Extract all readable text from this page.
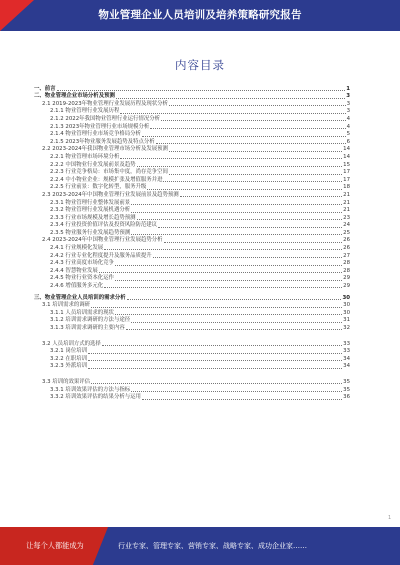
物业管理企业人员培训及培养策略研究报告
内容目录
一、前言	1
二、物业管理企业市场分析及预测	3
2.1 2019-2023年物业管理行业发展历程及现状分析	3
2.1.1 物业管理行业发展历程	3
2.1.2 2022年我国物业管理行业运行情况分析	4
2.1.3 2023年物业管理行业市场规模分析	4
2.1.4 物业管理行业市场竞争格局分析	5
2.1.5 2023年物业服务发展趋势及特点分析	6
2.2 2023-2024年我国物业管理市场分析及发展预测	14
2.2.1 物业管理市场环境分析	14
2.2.2 中国物业行业发展前景及趋势	15
2.2.3 行业竞争格局：市场集中度，尚存竞争空间	17
2.2.4 中小物业企业：规模扩张及增值服务并进	17
2.2.5 行业前景：数字化转型，服务升级	18
2.3 2023-2024年中国物业管理行业发展前景及趋势预测	21
2.3.1 物业管理行业整体发展前景	21
2.3.2 物业管理行业发展机遇分析	21
2.3.3 行业市场规模及增长趋势预测	23
2.3.4 行业投资价值评估及投资风险防范建议	24
2.3.5 物业服务行业发展趋势预测	25
2.4 2023-2024年中国物业管理行业发展趋势分析	26
2.4.1 行业规模化发展	26
2.4.2 行业专业化程度提升及服务品质提升	27
2.4.3 行业高度市场化竞争	28
2.4.4 智慧物业发展	28
2.4.5 物业行业资本化运作	29
2.4.6 增值服务多元化	29
三、物业管理企业人员培训的需求分析	30
3.1 培训需求的调研	30
3.1.1 人员培训需求的现状	30
3.1.2 培训需求调研的方法与途径	31
3.1.3 培训需求调研的主要内容	32
3.2 人员培训方式的选择	33
3.2.1 岗位培训	33
3.2.2 在职培训	34
3.2.3 外派培训	34
3.3 培训的效果评估	35
3.3.1 培训效果评估的方法与指标	35
3.3.2 培训效果评估的结果分析与运用	36
让每个人都能成为	行业专家、管理专家、营销专家、战略专家、成功企业家……
1
